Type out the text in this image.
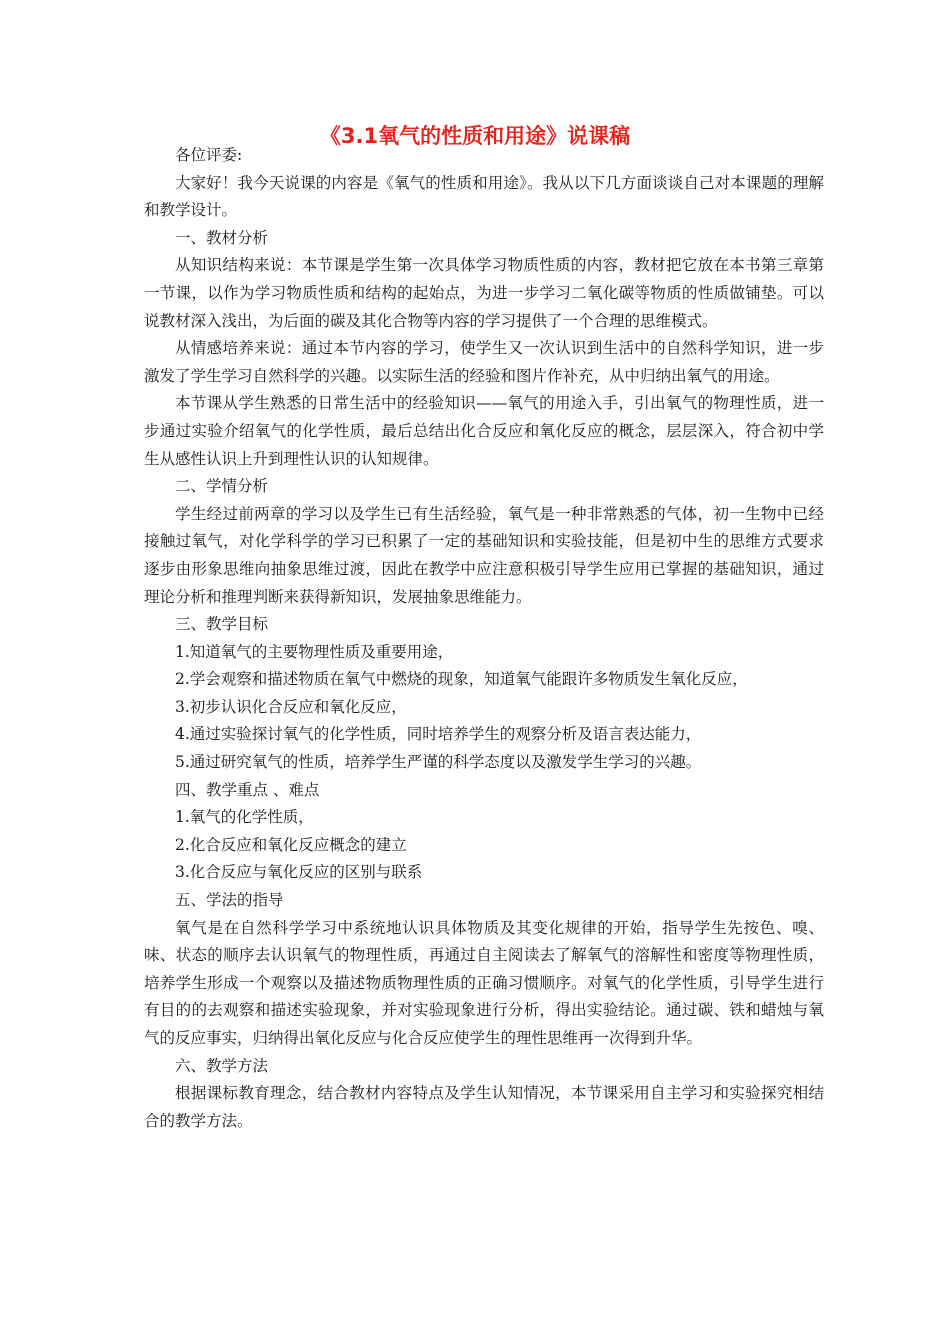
《3.1氧气的性质和用途》说课稿
各位评委:
大家好！我今天说课的内容是《氧气的性质和用途》。我从以下几方面谈谈自己对本课题的理解和教学设计。
一、教材分析
从知识结构来说：本节课是学生第一次具体学习物质性质的内容，教材把它放在本书第三章第一节课，以作为学习物质性质和结构的起始点，为进一步学习二氧化碳等物质的性质做铺垫。可以说教材深入浅出，为后面的碳及其化合物等内容的学习提供了一个合理的思维模式。
从情感培养来说：通过本节内容的学习，使学生又一次认识到生活中的自然科学知识，进一步激发了学生学习自然科学的兴趣。以实际生活的经验和图片作补充，从中归纳出氧气的用途。
本节课从学生熟悉的日常生活中的经验知识——氧气的用途入手，引出氧气的物理性质，进一步通过实验介绍氧气的化学性质，最后总结出化合反应和氧化反应的概念，层层深入，符合初中学生从感性认识上升到理性认识的认知规律。
二、学情分析
学生经过前两章的学习以及学生已有生活经验，氧气是一种非常熟悉的气体，初一生物中已经接触过氧气，对化学科学的学习已积累了一定的基础知识和实验技能，但是初中生的思维方式要求逐步由形象思维向抽象思维过渡，因此在教学中应注意积极引导学生应用已掌握的基础知识，通过理论分析和推理判断来获得新知识，发展抽象思维能力。
三、教学目标
1.知道氧气的主要物理性质及重要用途，
2.学会观察和描述物质在氧气中燃烧的现象，知道氧气能跟许多物质发生氧化反应，
3.初步认识化合反应和氧化反应，
4.通过实验探讨氧气的化学性质，同时培养学生的观察分析及语言表达能力，
5.通过研究氧气的性质，培养学生严谨的科学态度以及激发学生学习的兴趣。
四、教学重点 、难点
1.氧气的化学性质，
2.化合反应和氧化反应概念的建立
3.化合反应与氧化反应的区别与联系
五、学法的指导
氧气是在自然科学学习中系统地认识具体物质及其变化规律的开始，指导学生先按色、嗅、味、状态的顺序去认识氧气的物理性质，再通过自主阅读去了解氧气的溶解性和密度等物理性质，培养学生形成一个观察以及描述物质物理性质的正确习惯顺序。对氧气的化学性质，引导学生进行有目的的去观察和描述实验现象，并对实验现象进行分析，得出实验结论。通过碳、铁和蜡烛与氧气的反应事实，归纳得出氧化反应与化合反应使学生的理性思维再一次得到升华。
六、教学方法
根据课标教育理念，结合教材内容特点及学生认知情况，本节课采用自主学习和实验探究相结合的教学方法。
